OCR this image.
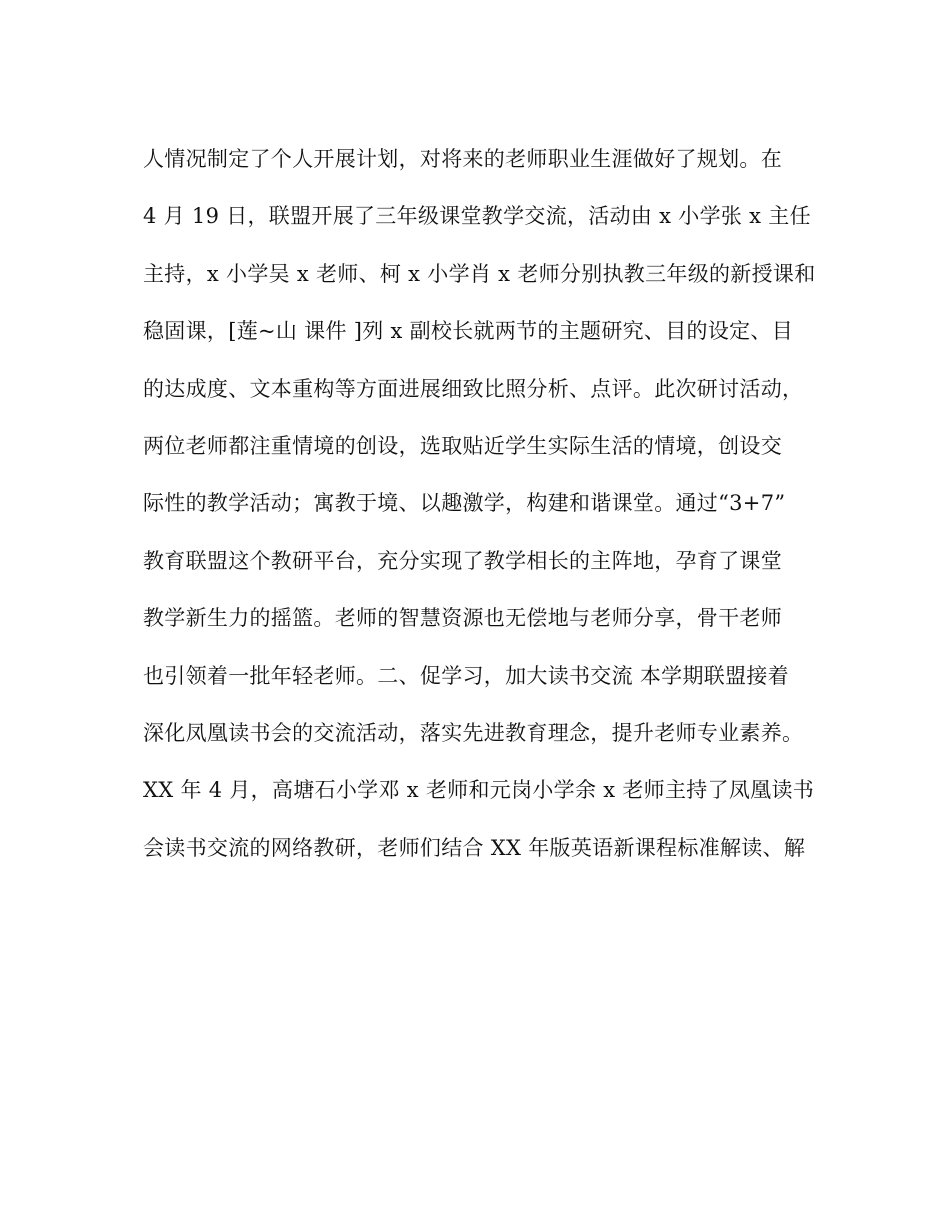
人情况制定了个人开展计划，对将来的老师职业生涯做好了规划。在
4 月 19 日，联盟开展了三年级课堂教学交流，活动由 x 小学张 x 主任
主持，x 小学吴 x 老师、柯 x 小学肖 x 老师分别执教三年级的新授课和
稳固课，[莲~山 课件 ]列 x 副校长就两节的主题研究、目的设定、目
的达成度、文本重构等方面进展细致比照分析、点评。此次研讨活动，
两位老师都注重情境的创设，选取贴近学生实际生活的情境，创设交
际性的教学活动；寓教于境、以趣激学，构建和谐课堂。通过“3+7”
教育联盟这个教研平台，充分实现了教学相长的主阵地，孕育了课堂
教学新生力的摇篮。老师的智慧资源也无偿地与老师分享，骨干老师
也引领着一批年轻老师。二、促学习，加大读书交流 本学期联盟接着
深化凤凰读书会的交流活动，落实先进教育理念，提升老师专业素养。
XX 年 4 月，高塘石小学邓 x 老师和元岗小学余 x 老师主持了凤凰读书
会读书交流的网络教研，老师们结合 XX 年版英语新课程标准解读、解
